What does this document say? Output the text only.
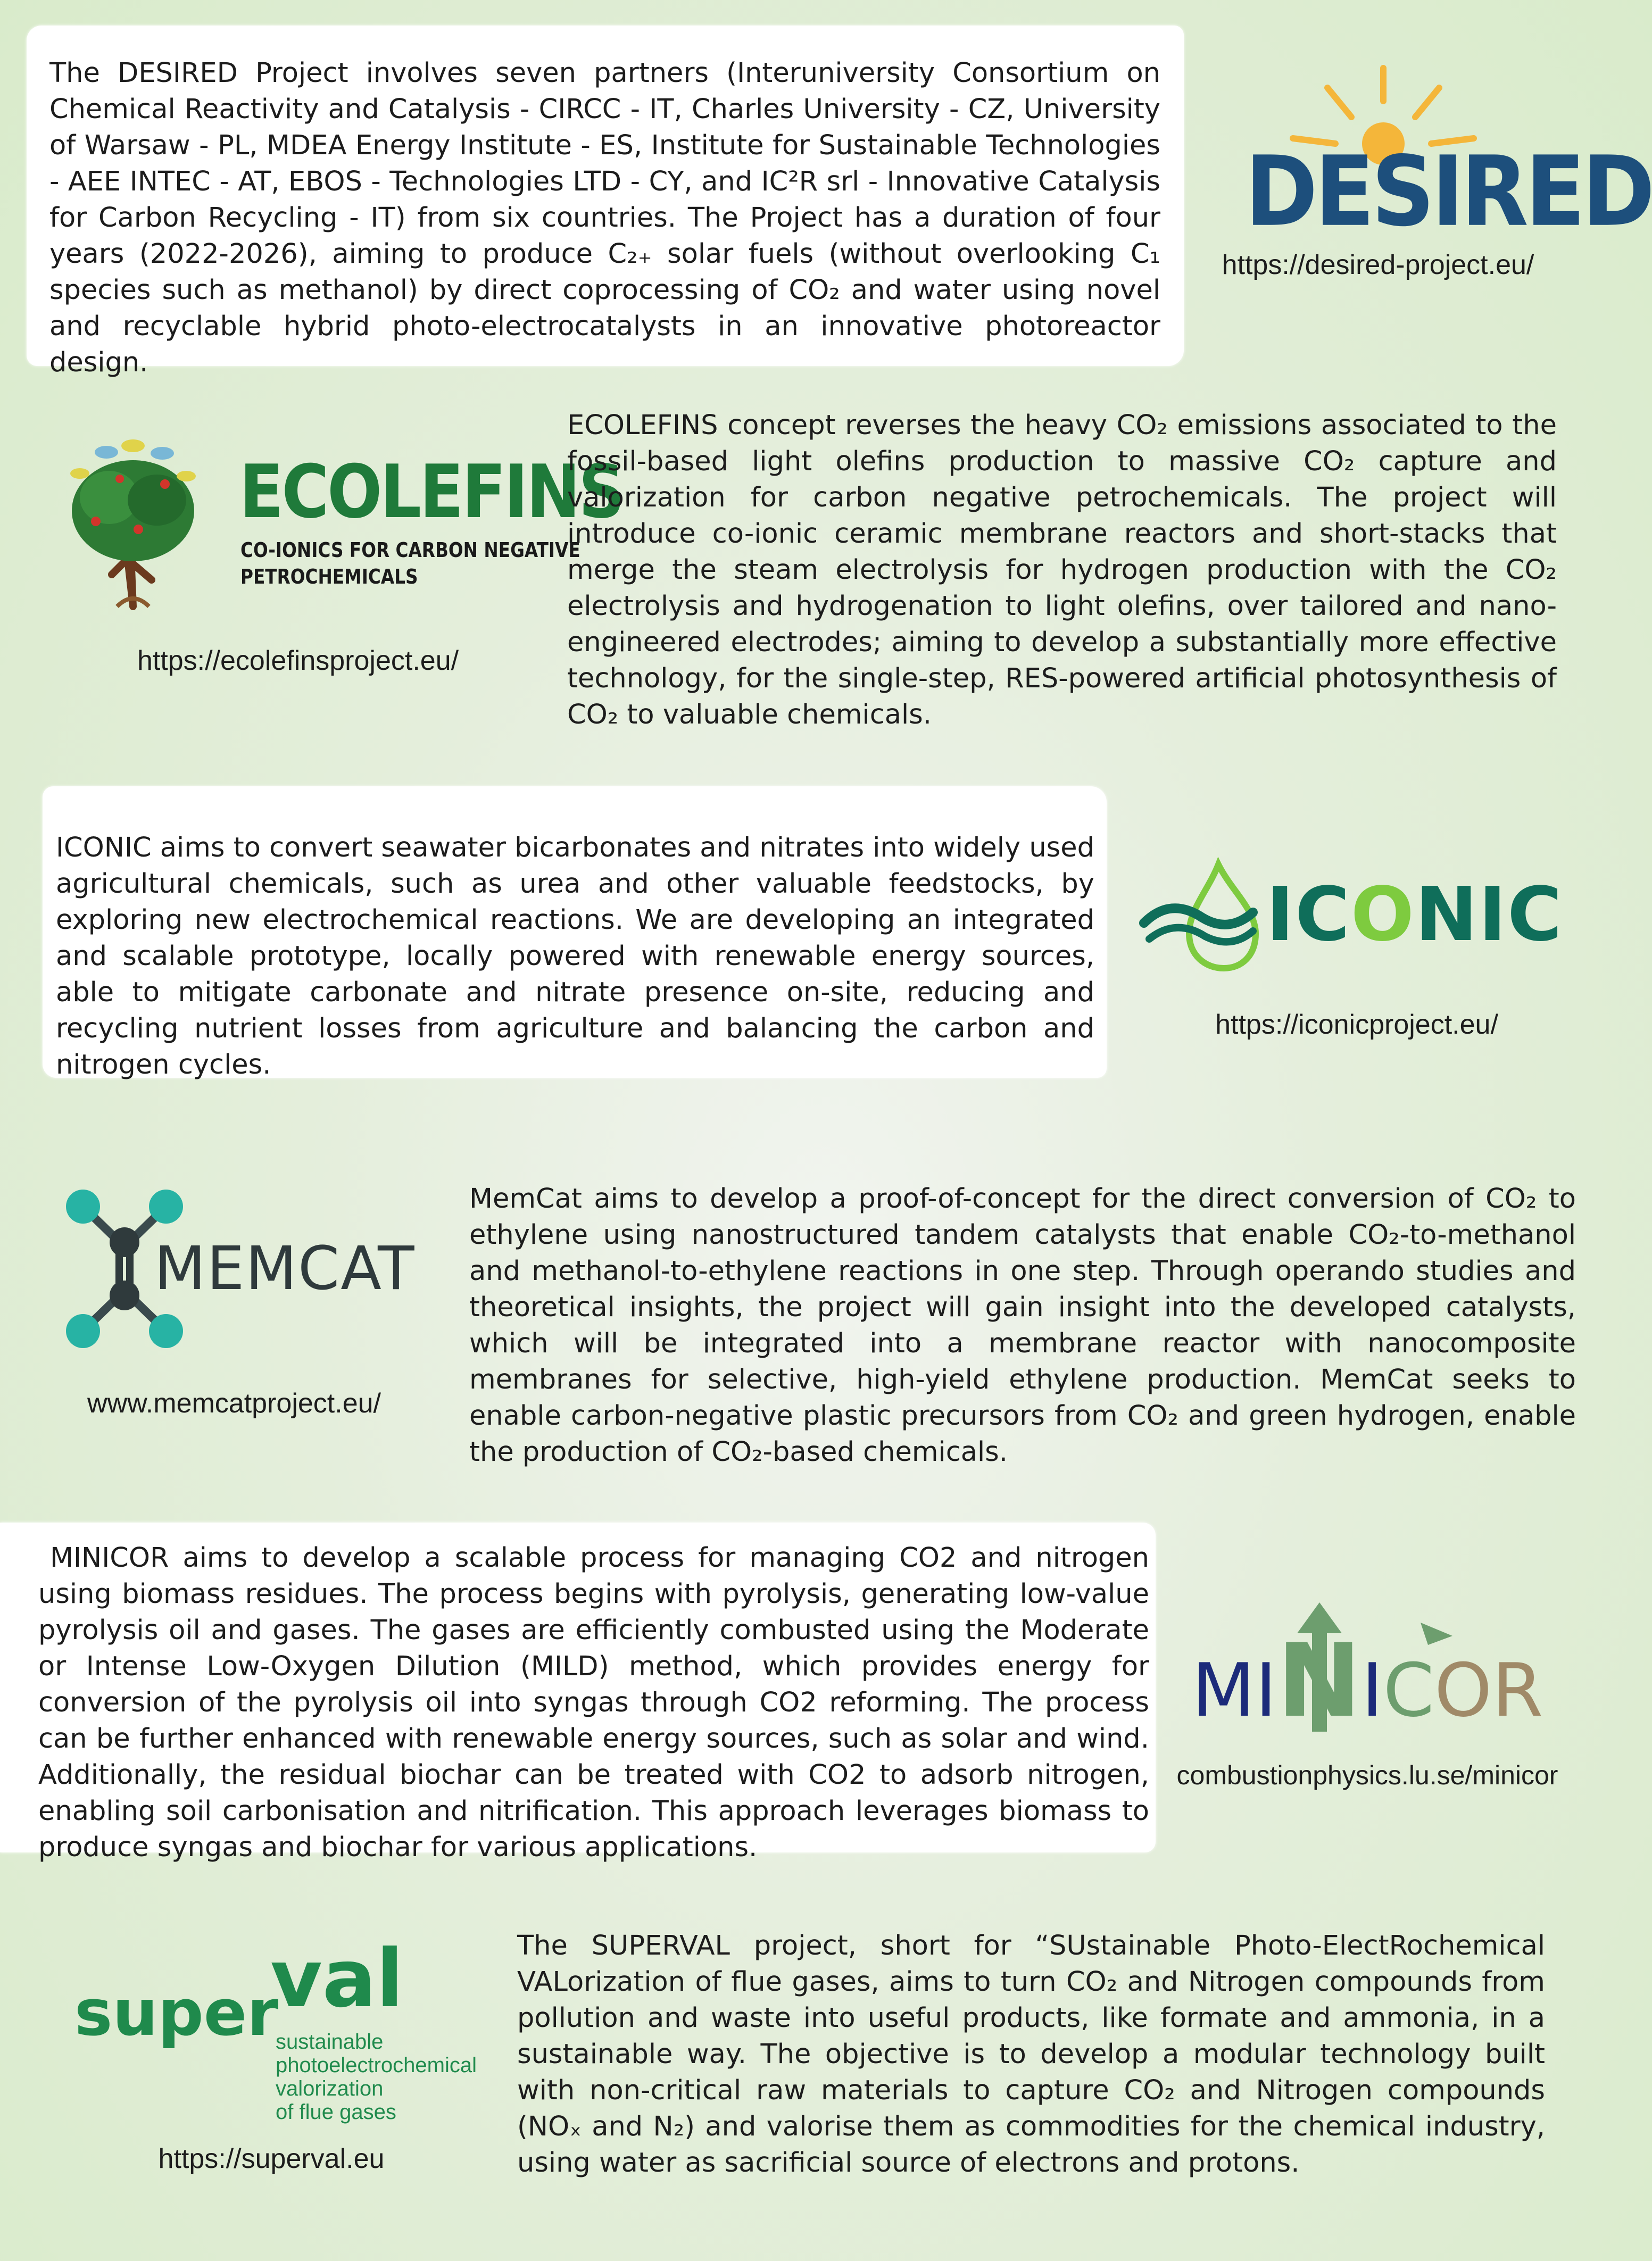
The DESIRED Project involves seven partners (Interuniversity Consortium on Chemical Reactivity and Catalysis - CIRCC - IT, Charles University - CZ, University of Warsaw - PL, MDEA Energy Institute - ES, Institute for Sustainable Technologies - AEE INTEC - AT, EBOS - Technologies LTD - CY, and IC²R srl - Innovative Catalysis for Carbon Recycling - IT) from six countries. The Project has a duration of four years (2022-2026), aiming to produce C₂₊ solar fuels (without overlooking C₁ species such as methanol) by direct coprocessing of CO₂ and water using novel and recyclable hybrid photo-electrocatalysts in an innovative photoreactor design.
DESIRED
https://desired-project.eu/
ECOLEFINS
CO-IONICS FOR CARBON NEGATIVE
PETROCHEMICALS
https://ecolefinsproject.eu/
ECOLEFINS concept reverses the heavy CO₂ emissions associated to the fossil-based light olefins production to massive CO₂ capture and valorization for carbon negative petrochemicals. The project will introduce co-ionic ceramic membrane reactors and short-stacks that merge the steam electrolysis for hydrogen production with the CO₂ electrolysis and hydrogenation to light olefins, over tailored and nano-engineered electrodes; aiming to develop a substantially more effective technology, for the single-step, RES-powered artificial photosynthesis of CO₂ to valuable chemicals.
ICONIC aims to convert seawater bicarbonates and nitrates into widely used agricultural chemicals, such as urea and other valuable feedstocks, by exploring new electrochemical reactions. We are developing an integrated and scalable prototype, locally powered with renewable energy sources, able to mitigate carbonate and nitrate presence on-site, reducing and recycling nutrient losses from agriculture and balancing the carbon and nitrogen cycles.
ICONIC
https://iconicproject.eu/
MEMCAT
www.memcatproject.eu/
MemCat aims to develop a proof-of-concept for the direct conversion of CO₂ to ethylene using nanostructured tandem catalysts that enable CO₂-to-methanol and methanol-to-ethylene reactions in one step. Through operando studies and theoretical insights, the project will gain insight into the developed catalysts, which will be integrated into a membrane reactor with nanocomposite membranes for selective, high-yield ethylene production. MemCat seeks to enable carbon-negative plastic precursors from CO₂ and green hydrogen, enable the production of CO₂-based chemicals.
MINICOR aims to develop a scalable process for managing CO2 and nitrogen using biomass residues. The process begins with pyrolysis, generating low-value pyrolysis oil and gases. The gases are efficiently combusted using the Moderate or Intense Low-Oxygen Dilution (MILD) method, which provides energy for conversion of the pyrolysis oil into syngas through CO2 reforming. The process can be further enhanced with renewable energy sources, such as solar and wind. Additionally, the residual biochar can be treated with CO2 to adsorb nitrogen, enabling soil carbonisation and nitrification. This approach leverages biomass to produce syngas and biochar for various applications.
MINICOR
combustionphysics.lu.se/minicor
val
super
sustainable
photoelectrochemical
valorization
of flue gases
https://superval.eu
The SUPERVAL project, short for “SUstainable Photo-ElectRochemical VALorization of flue gases, aims to turn CO₂ and Nitrogen compounds from pollution and waste into useful products, like formate and ammonia, in a sustainable way. The objective is to develop a modular technology built with non-critical raw materials to capture CO₂ and Nitrogen compounds (NOₓ and N₂) and valorise them as commodities for the chemical industry, using water as sacrificial source of electrons and protons.
